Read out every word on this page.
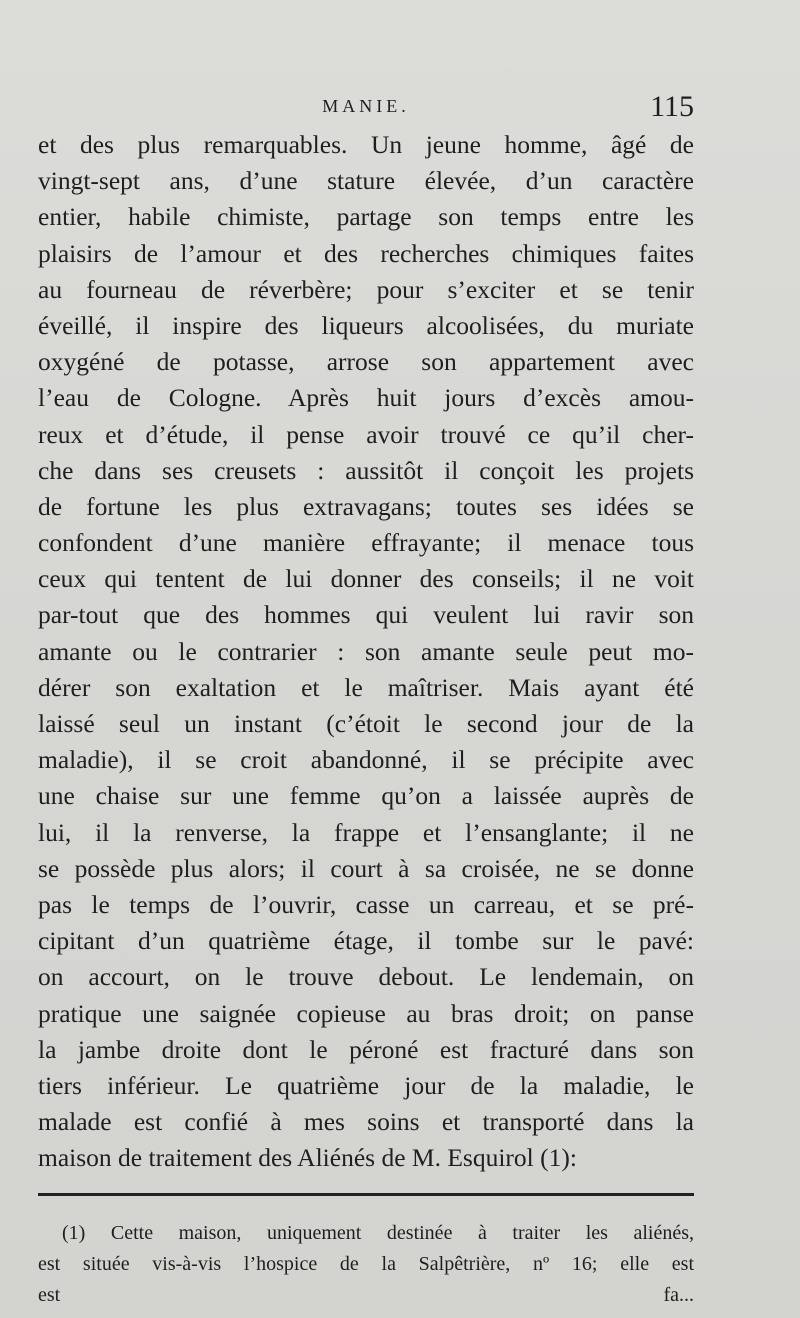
MANIE.	115
et des plus remarquables. Un jeune homme, âgé de
vingt-sept ans, d’une stature élevée, d’un caractère
entier, habile chimiste, partage son temps entre les
plaisirs de l’amour et des recherches chimiques faites
au fourneau de réverbère; pour s’exciter et se tenir
éveillé, il inspire des liqueurs alcoolisées, du muriate
oxygéné de potasse, arrose son appartement avec
l’eau de Cologne. Après huit jours d’excès amou-
reux et d’étude, il pense avoir trouvé ce qu’il cher-
che dans ses creusets : aussitôt il conçoit les projets
de fortune les plus extravagans; toutes ses idées se
confondent d’une manière effrayante; il menace tous
ceux qui tentent de lui donner des conseils; il ne voit
par-tout que des hommes qui veulent lui ravir son
amante ou le contrarier : son amante seule peut mo-
dérer son exaltation et le maîtriser. Mais ayant été
laissé seul un instant (c’étoit le second jour de la
maladie), il se croit abandonné, il se précipite avec
une chaise sur une femme qu’on a laissée auprès de
lui, il la renverse, la frappe et l’ensanglante; il ne
se possède plus alors; il court à sa croisée, ne se donne
pas le temps de l’ouvrir, casse un carreau, et se pré-
cipitant d’un quatrième étage, il tombe sur le pavé:
on accourt, on le trouve debout. Le lendemain, on
pratique une saignée copieuse au bras droit; on panse
la jambe droite dont le péroné est fracturé dans son
tiers inférieur. Le quatrième jour de la maladie, le
malade est confié à mes soins et transporté dans la
maison de traitement des Aliénés de M. Esquirol (1):
(1) Cette maison, uniquement destinée à traiter les aliénés,
est située vis-à-vis l’hospice de la Salpêtrière, nº 16; elle est
est fa...
